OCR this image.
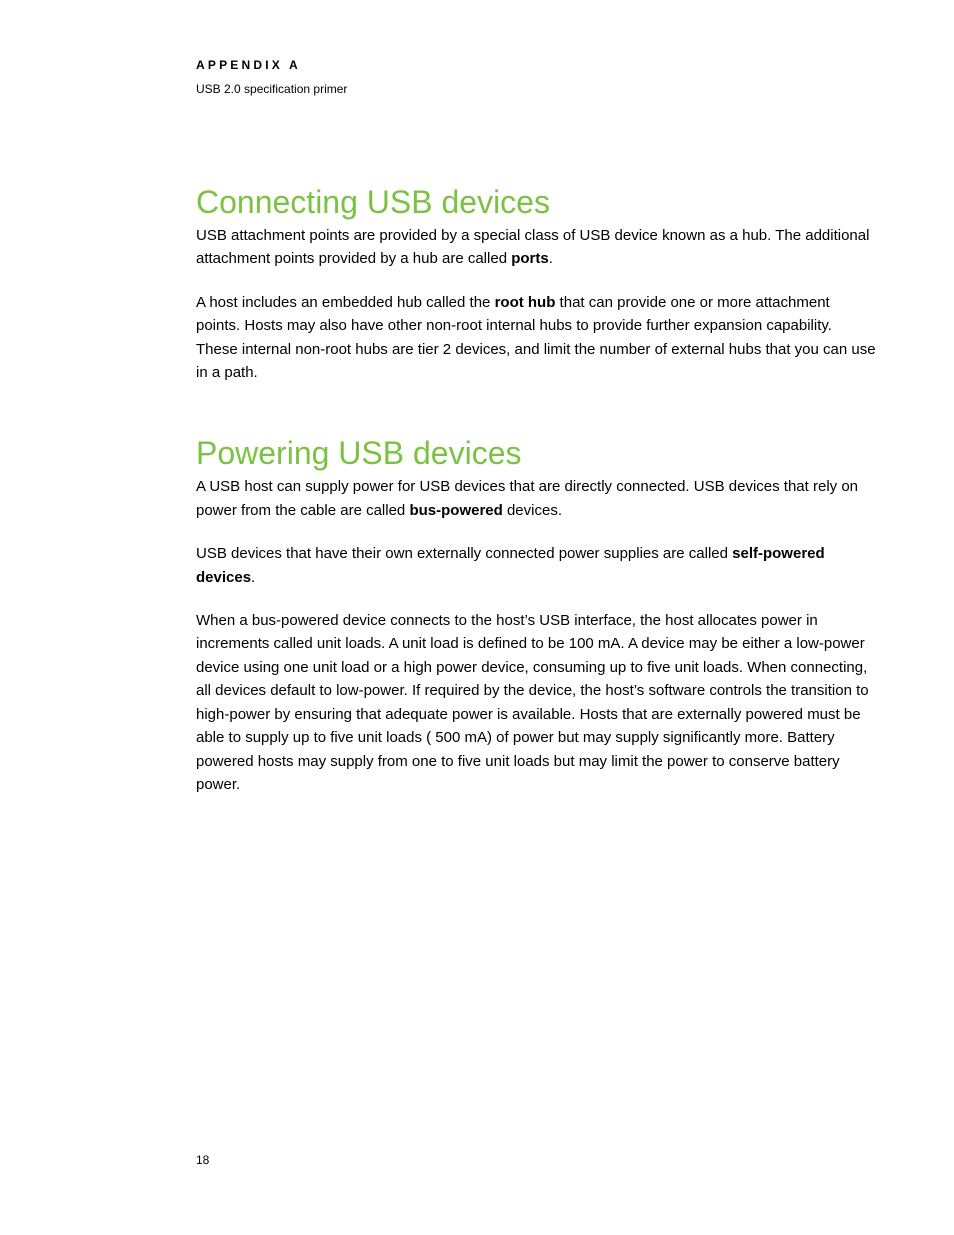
APPENDIX A
USB 2.0 specification primer
Connecting USB devices

USB attachment points are provided by a special class of USB device known as a hub. The additional attachment points provided by a hub are called ports.

A host includes an embedded hub called the root hub that can provide one or more attachment points. Hosts may also have other non-root internal hubs to provide further expansion capability. These internal non-root hubs are tier 2 devices, and limit the number of external hubs that you can use in a path.

Powering USB devices

A USB host can supply power for USB devices that are directly connected. USB devices that rely on power from the cable are called bus-powered devices.

USB devices that have their own externally connected power supplies are called self-powered devices.

When a bus-powered device connects to the host’s USB interface, the host allocates power in increments called unit loads. A unit load is defined to be 100 mA. A device may be either a low-power device using one unit load or a high power device, consuming up to five unit loads. When connecting, all devices default to low-power. If required by the device, the host’s software controls the transition to high-power by ensuring that adequate power is available. Hosts that are externally powered must be able to supply up to five unit loads ( 500 mA) of power but may supply significantly more. Battery powered hosts may supply from one to five unit loads but may limit the power to conserve battery power.

18
